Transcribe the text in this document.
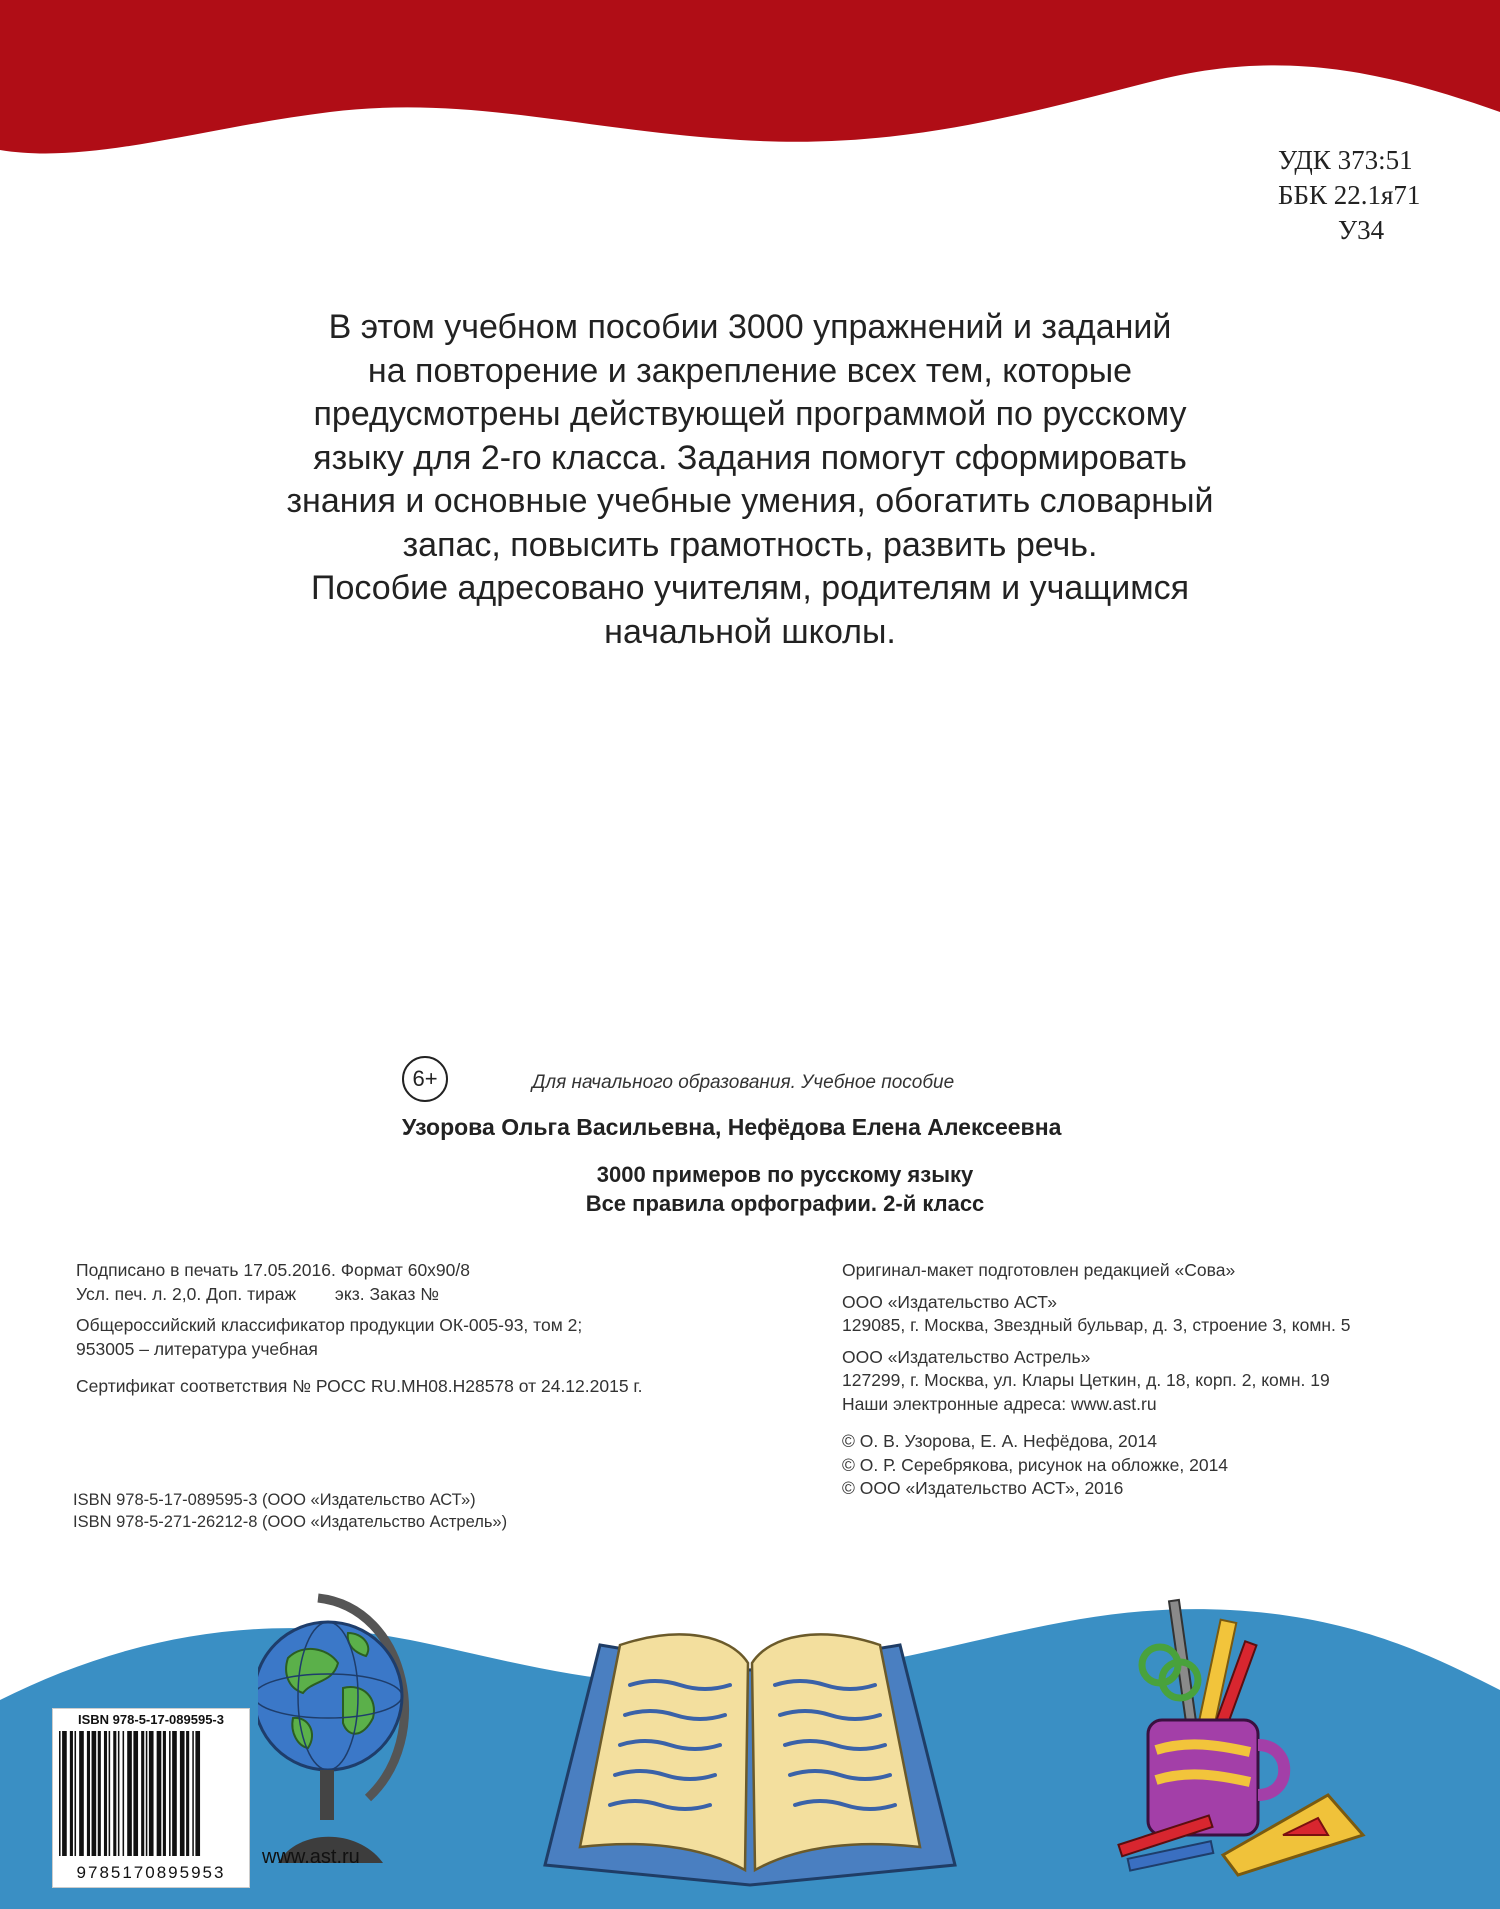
УДК 373:51
ББК 22.1я71
У34
В этом учебном пособии 3000 упражнений и заданий
на повторение и закрепление всех тем, которые
предусмотрены действующей программой по русскому
языку для 2-го класса. Задания помогут сформировать
знания и основные учебные умения, обогатить словарный
запас, повысить грамотность, развить речь.
Пособие адресовано учителям, родителям и учащимся
начальной школы.
6+	Для начального образования. Учебное пособие
Узорова Ольга Васильевна, Нефёдова Елена Алексеевна
3000 примеров по русскому языку
Все правила орфографии. 2-й класс
Подписано в печать 17.05.2016. Формат 60x90/8
Усл. печ. л. 2,0. Доп. тираж        экз. Заказ №
Общероссийский классификатор продукции ОК-005-93, том 2;
953005 – литература учебная
Сертификат соответствия № РОСС RU.МН08.Н28578 от 24.12.2015 г.
Оригинал-макет подготовлен редакцией «Сова»
ООО «Издательство АСТ»
129085, г. Москва, Звездный бульвар, д. 3, строение 3, комн. 5
ООО «Издательство Астрель»
127299, г. Москва, ул. Клары Цеткин, д. 18, корп. 2, комн. 19
Наши электронные адреса: www.ast.ru
© О. В. Узорова, Е. А. Нефёдова, 2014
© О. Р. Серебрякова, рисунок на обложке, 2014
© ООО «Издательство АСТ», 2016
ISBN 978-5-17-089595-3 (ООО «Издательство АСТ»)
ISBN 978-5-271-26212-8 (ООО «Издательство Астрель»)
ISBN 978-5-17-089595-3
9785170895953
www.ast.ru
